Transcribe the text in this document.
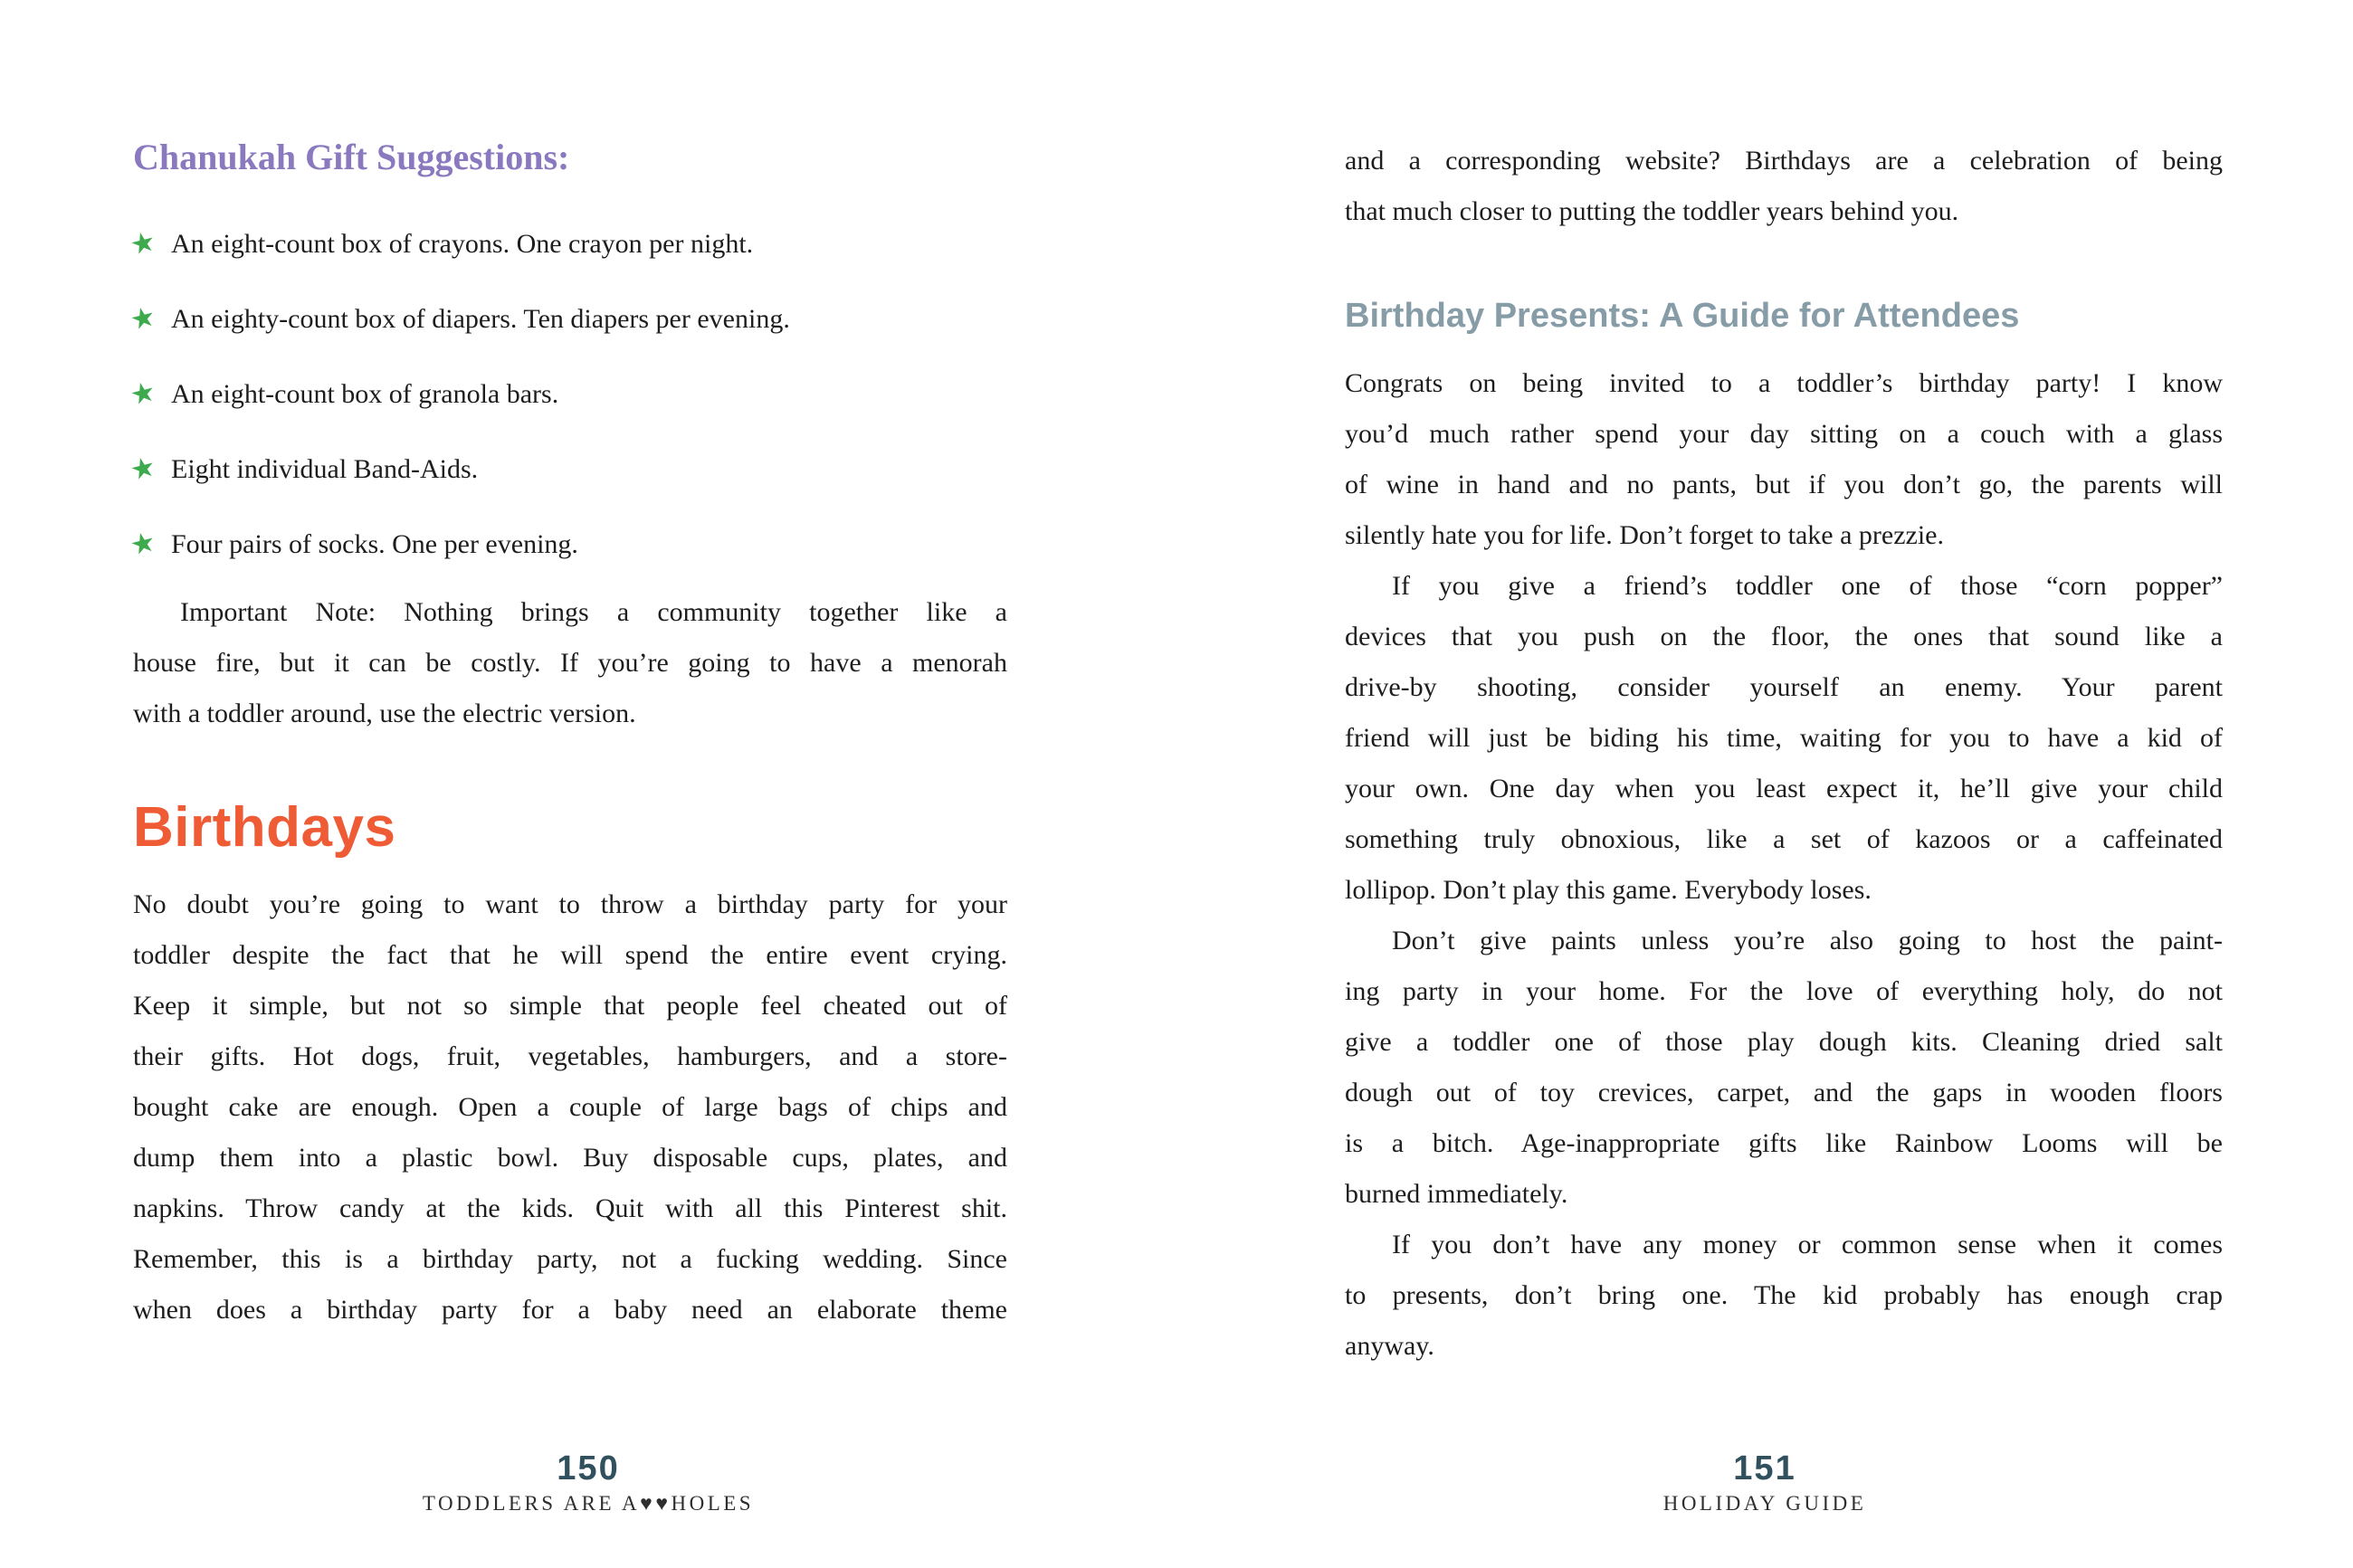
Chanukah Gift Suggestions:
★ An eight-count box of crayons. One crayon per night.
★ An eighty-count box of diapers. Ten diapers per evening.
★ An eight-count box of granola bars.
★ Eight individual Band-Aids.
★ Four pairs of socks. One per evening.
Important Note: Nothing brings a community together like a
house fire, but it can be costly. If you’re going to have a menorah
with a toddler around, use the electric version.
Birthdays
No doubt you’re going to want to throw a birthday party for your
toddler despite the fact that he will spend the entire event crying.
Keep it simple, but not so simple that people feel cheated out of
their gifts. Hot dogs, fruit, vegetables, hamburgers, and a store-
bought cake are enough. Open a couple of large bags of chips and
dump them into a plastic bowl. Buy disposable cups, plates, and
napkins. Throw candy at the kids. Quit with all this Pinterest shit.
Remember, this is a birthday party, not a fucking wedding. Since
when does a birthday party for a baby need an elaborate theme
150
TODDLERS ARE A♥♥HOLES
and a corresponding website? Birthdays are a celebration of being
that much closer to putting the toddler years behind you.
Birthday Presents: A Guide for Attendees
Congrats on being invited to a toddler’s birthday party! I know
you’d much rather spend your day sitting on a couch with a glass
of wine in hand and no pants, but if you don’t go, the parents will
silently hate you for life. Don’t forget to take a prezzie.
If you give a friend’s toddler one of those “corn popper”
devices that you push on the floor, the ones that sound like a
drive-by shooting, consider yourself an enemy. Your parent
friend will just be biding his time, waiting for you to have a kid of
your own. One day when you least expect it, he’ll give your child
something truly obnoxious, like a set of kazoos or a caffeinated
lollipop. Don’t play this game. Everybody loses.
Don’t give paints unless you’re also going to host the paint-
ing party in your home. For the love of everything holy, do not
give a toddler one of those play dough kits. Cleaning dried salt
dough out of toy crevices, carpet, and the gaps in wooden floors
is a bitch. Age-inappropriate gifts like Rainbow Looms will be
burned immediately.
If you don’t have any money or common sense when it comes
to presents, don’t bring one. The kid probably has enough crap
anyway.
151
HOLIDAY GUIDE
